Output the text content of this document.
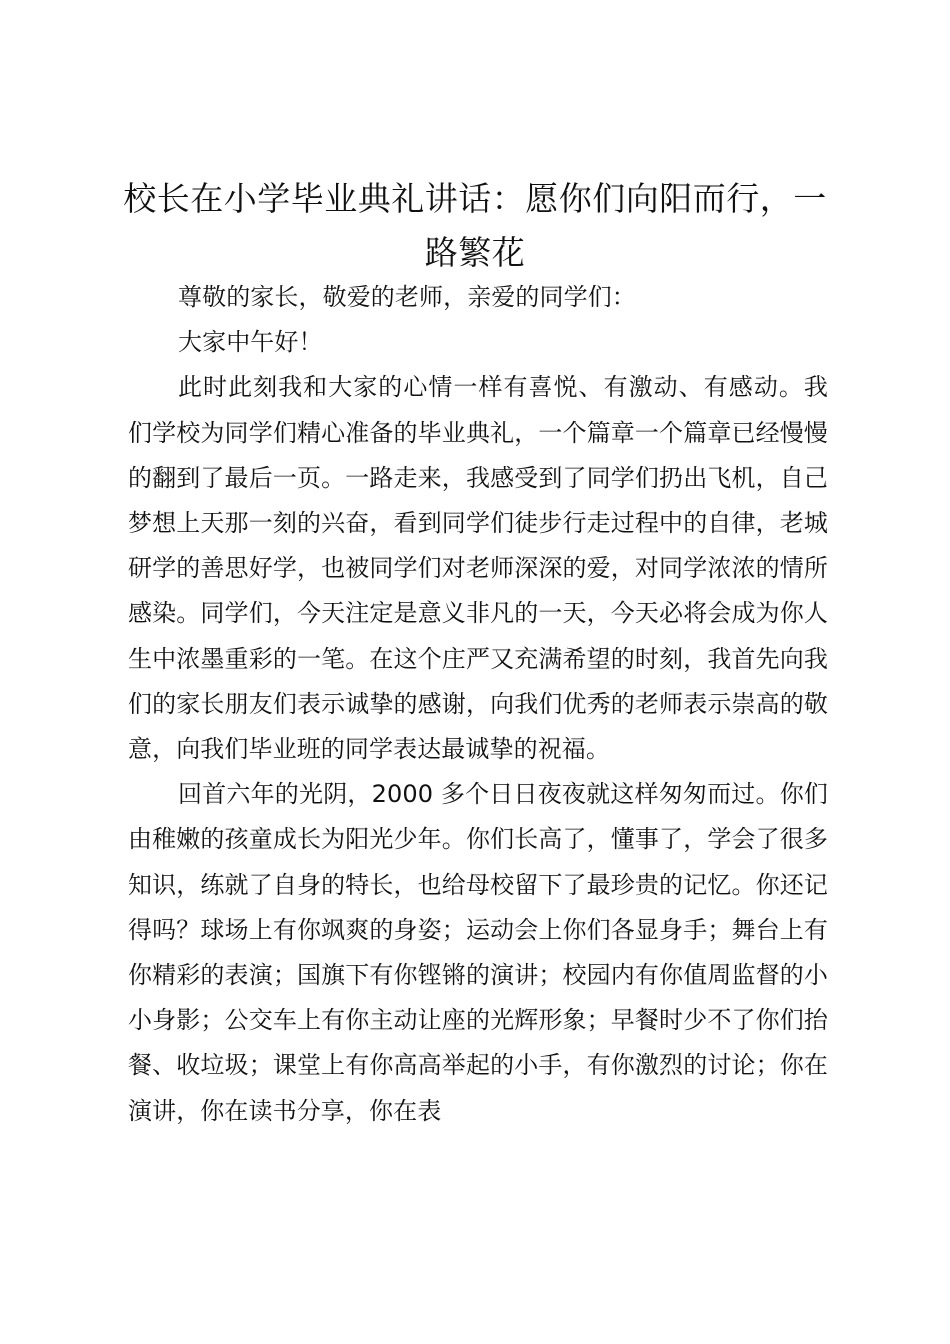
校长在小学毕业典礼讲话：愿你们向阳而行，一路繁花

尊敬的家长，敬爱的老师，亲爱的同学们：

大家中午好！

此时此刻我和大家的心情一样有喜悦、有激动、有感动。我们学校为同学们精心准备的毕业典礼，一个篇章一个篇章已经慢慢的翻到了最后一页。一路走来，我感受到了同学们扔出飞机，自己梦想上天那一刻的兴奋，看到同学们徒步行走过程中的自律，老城研学的善思好学，也被同学们对老师深深的爱，对同学浓浓的情所感染。同学们，今天注定是意义非凡的一天，今天必将会成为你人生中浓墨重彩的一笔。在这个庄严又充满希望的时刻，我首先向我们的家长朋友们表示诚挚的感谢，向我们优秀的老师表示崇高的敬意，向我们毕业班的同学表达最诚挚的祝福。

回首六年的光阴，2000 多个日日夜夜就这样匆匆而过。你们由稚嫩的孩童成长为阳光少年。你们长高了，懂事了，学会了很多知识，练就了自身的特长，也给母校留下了最珍贵的记忆。你还记得吗？球场上有你飒爽的身姿；运动会上你们各显身手；舞台上有你精彩的表演；国旗下有你铿锵的演讲；校园内有你值周监督的小小身影；公交车上有你主动让座的光辉形象；早餐时少不了你们抬餐、收垃圾；课堂上有你高高举起的小手，有你激烈的讨论；你在演讲，你在读书分享，你在表
